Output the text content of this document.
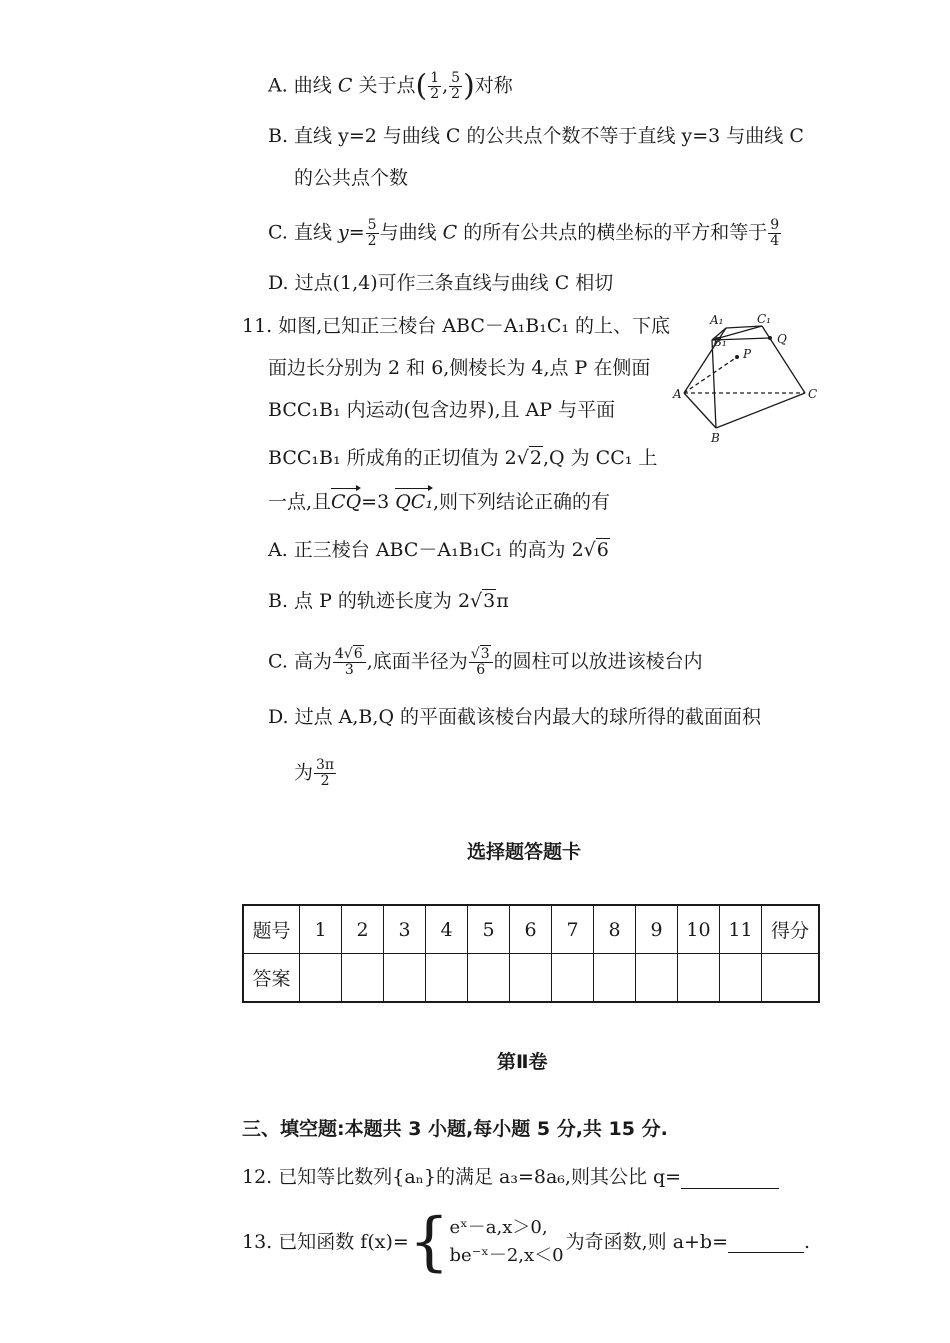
A. 曲线 C 关于点( $\frac{1}{2}$ , $\frac{5}{2}$ )对称
B. 直线 y=2 与曲线 C 的公共点个数不等于直线 y=3 与曲线 C
的公共点个数
C. 直线 $y= \frac{5}{2}$ 与曲线 C 的所有公共点的横坐标的平方和等于 $\frac{9}{4}$
D. 过点(1,4)可作三条直线与曲线 C 相切
11. 如图,已知正三棱台 ABC－A₁B₁C₁ 的上、下底
面边长分别为 2 和 6,侧棱长为 4,点 P 在侧面
BCC₁B₁ 内运动(包含边界),且 AP 与平面
BCC₁B₁ 所成角的正切值为 2√2,Q 为 CC₁ 上
一点,且CQ=3 QC₁,则下列结论正确的有
A₁
B₁
C₁
Q
P
A
B
C
A. 正三棱台 ABC－A₁B₁C₁ 的高为 2√6
B. 点 P 的轨迹长度为 2√3π
C. 高为 $\frac{4√6}{3}$ ,底面半径为 $\frac{√3}{6}$ 的圆柱可以放进该棱台内
D. 过点 A,B,Q 的平面截该棱台内最大的球所得的截面面积
为 $\frac{3\pi}{2}$
选择题答题卡
题号	1	2	3	4	5	6	7	8	9	10	11	得分
答案												
第Ⅱ卷
三、填空题:本题共 3 小题,每小题 5 分,共 15 分.
12. 已知等比数列{aₙ}的满足 a₃=8a₆,则其公比 q=
13. 已知函数 f(x)= { eˣ－a,x＞0,
be⁻ˣ－2,x＜0
为奇函数,则 a+b=	.
